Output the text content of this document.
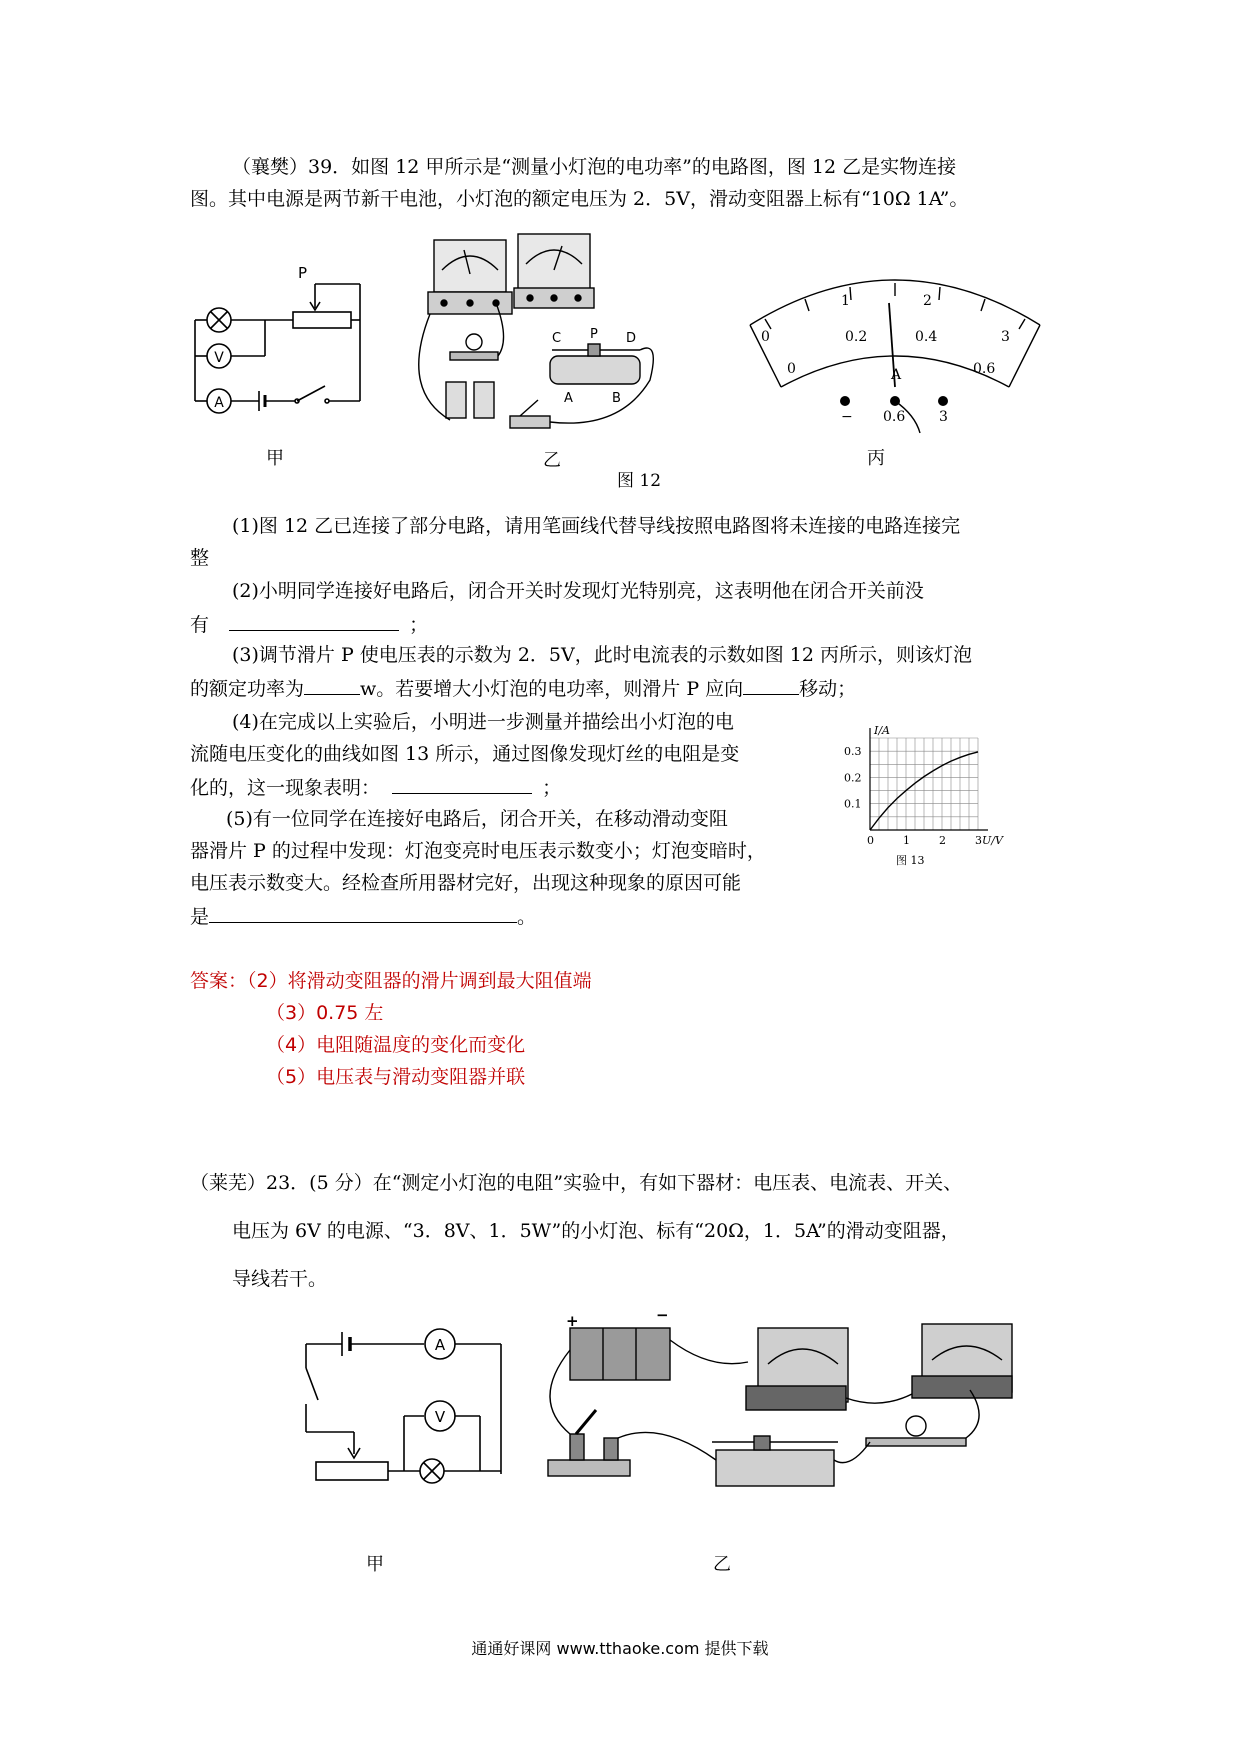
（襄樊）39．如图 12 甲所示是“测量小灯泡的电功率”的电路图，图 12 乙是实物连接
图。其中电源是两节新干电池，小灯泡的额定电压为 2．5V，滑动变阻器上标有“10Ω 1A”。
V
A
P
甲
C P D
A	B
乙
图 12
0
1	2
3
0
0.2	0.4
0.6
A
− 0.6 3
丙
(1)图 12 乙已连接了部分电路，请用笔画线代替导线按照电路图将未连接的电路连接完
整
(2)小明同学连接好电路后，闭合开关时发现灯光特别亮，这表明他在闭合开关前没
有	；
(3)调节滑片 P 使电压表的示数为 2．5V，此时电流表的示数如图 12 丙所示，则该灯泡
的额定功率为	w。若要增大小灯泡的电功率，则滑片 P 应向	移动；
(4)在完成以上实验后，小明进一步测量并描绘出小灯泡的电
流随电压变化的曲线如图 13 所示，通过图像发现灯丝的电阻是变
化的，这一现象表明：	；
(5)有一位同学在连接好电路后，闭合开关，在移动滑动变阻
器滑片 P 的过程中发现：灯泡变亮时电压表示数变小；灯泡变暗时，
电压表示数变大。经检查所用器材完好，出现这种现象的原因可能
是	。
0	1	2	3
0.1
0.2
0.3
I/A
U/V
图 13
答案：（2）将滑动变阻器的滑片调到最大阻值端
（3）0.75 左
（4）电阻随温度的变化而变化
（5）电压表与滑动变阻器并联
（莱芜）23．(5 分）在“测定小灯泡的电阻”实验中，有如下器材：电压表、电流表、开关、
电压为 6V 的电源、“3．8V、1．5W”的小灯泡、标有“20Ω，1．5A”的滑动变阻器，
导线若干。
A
V
甲
+	−
乙
通通好课网 www.tthaoke.com 提供下载
